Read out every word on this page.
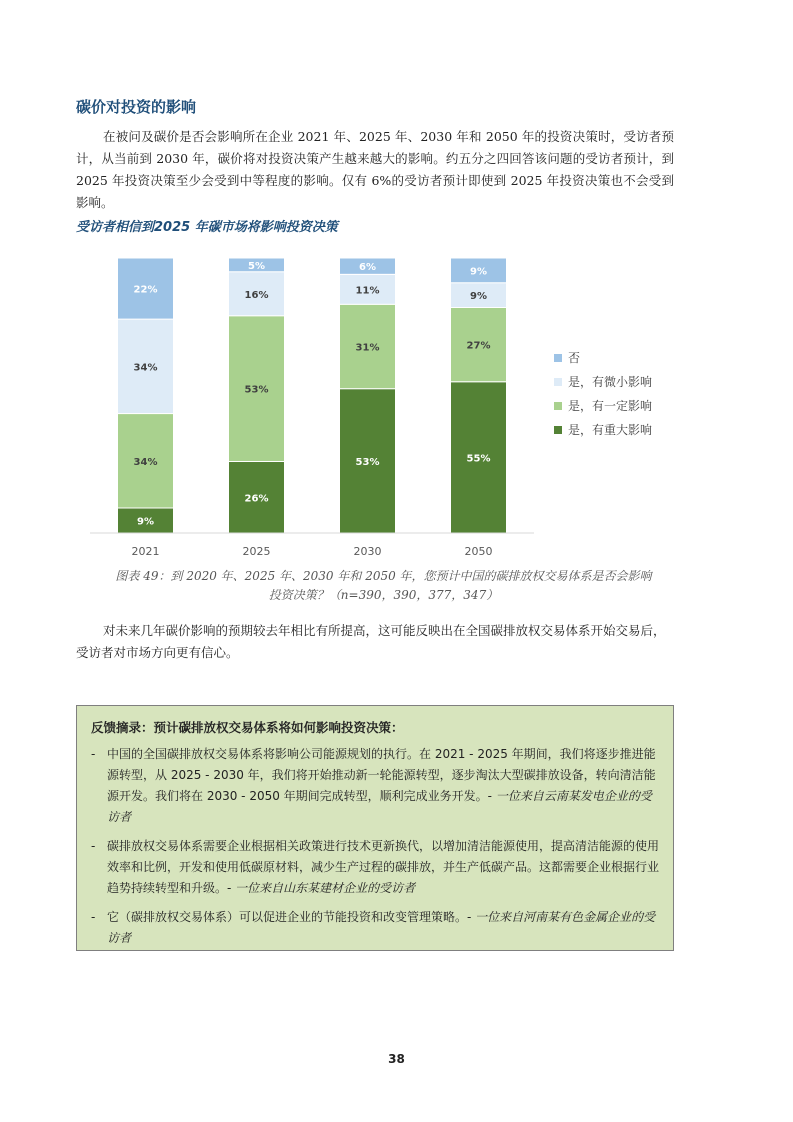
碳价对投资的影响

在被问及碳价是否会影响所在企业 2021 年、2025 年、2030 年和 2050 年的投资决策时，受访者预计，从当前到 2030 年，碳价将对投资决策产生越来越大的影响。约五分之四回答该问题的受访者预计，到 2025 年投资决策至少会受到中等程度的影响。仅有 6%的受访者预计即使到 2025 年投资决策也不会受到影响。

受访者相信到2025 年碳市场将影响投资决策
9%
34%
34%
22%
2021
26%
53%
16%
5%
2025
53%
31%
11%
6%
2030
55%
27%
9%
9%
2050
否
是，有微小影响
是，有一定影响
是，有重大影响

图表 49：到 2020 年、2025 年、2030 年和 2050 年，您预计中国的碳排放权交易体系是否会影响
投资决策？（n=390，390，377，347）

对未来几年碳价影响的预期较去年相比有所提高，这可能反映出在全国碳排放权交易体系开始交易后，受访者对市场方向更有信心。

反馈摘录：预计碳排放权交易体系将如何影响投资决策：
- 中国的全国碳排放权交易体系将影响公司能源规划的执行。在 2021 - 2025 年期间，我们将逐步推进能源转型，从 2025 - 2030 年，我们将开始推动新一轮能源转型，逐步淘汰大型碳排放设备，转向清洁能源开发。我们将在 2030 - 2050 年期间完成转型，顺利完成业务开发。- 一位来自云南某发电企业的受访者
- 碳排放权交易体系需要企业根据相关政策进行技术更新换代，以增加清洁能源使用，提高清洁能源的使用效率和比例，开发和使用低碳原材料，减少生产过程的碳排放，并生产低碳产品。这都需要企业根据行业趋势持续转型和升级。- 一位来自山东某建材企业的受访者
- 它（碳排放权交易体系）可以促进企业的节能投资和改变管理策略。- 一位来自河南某有色金属企业的受访者
38
